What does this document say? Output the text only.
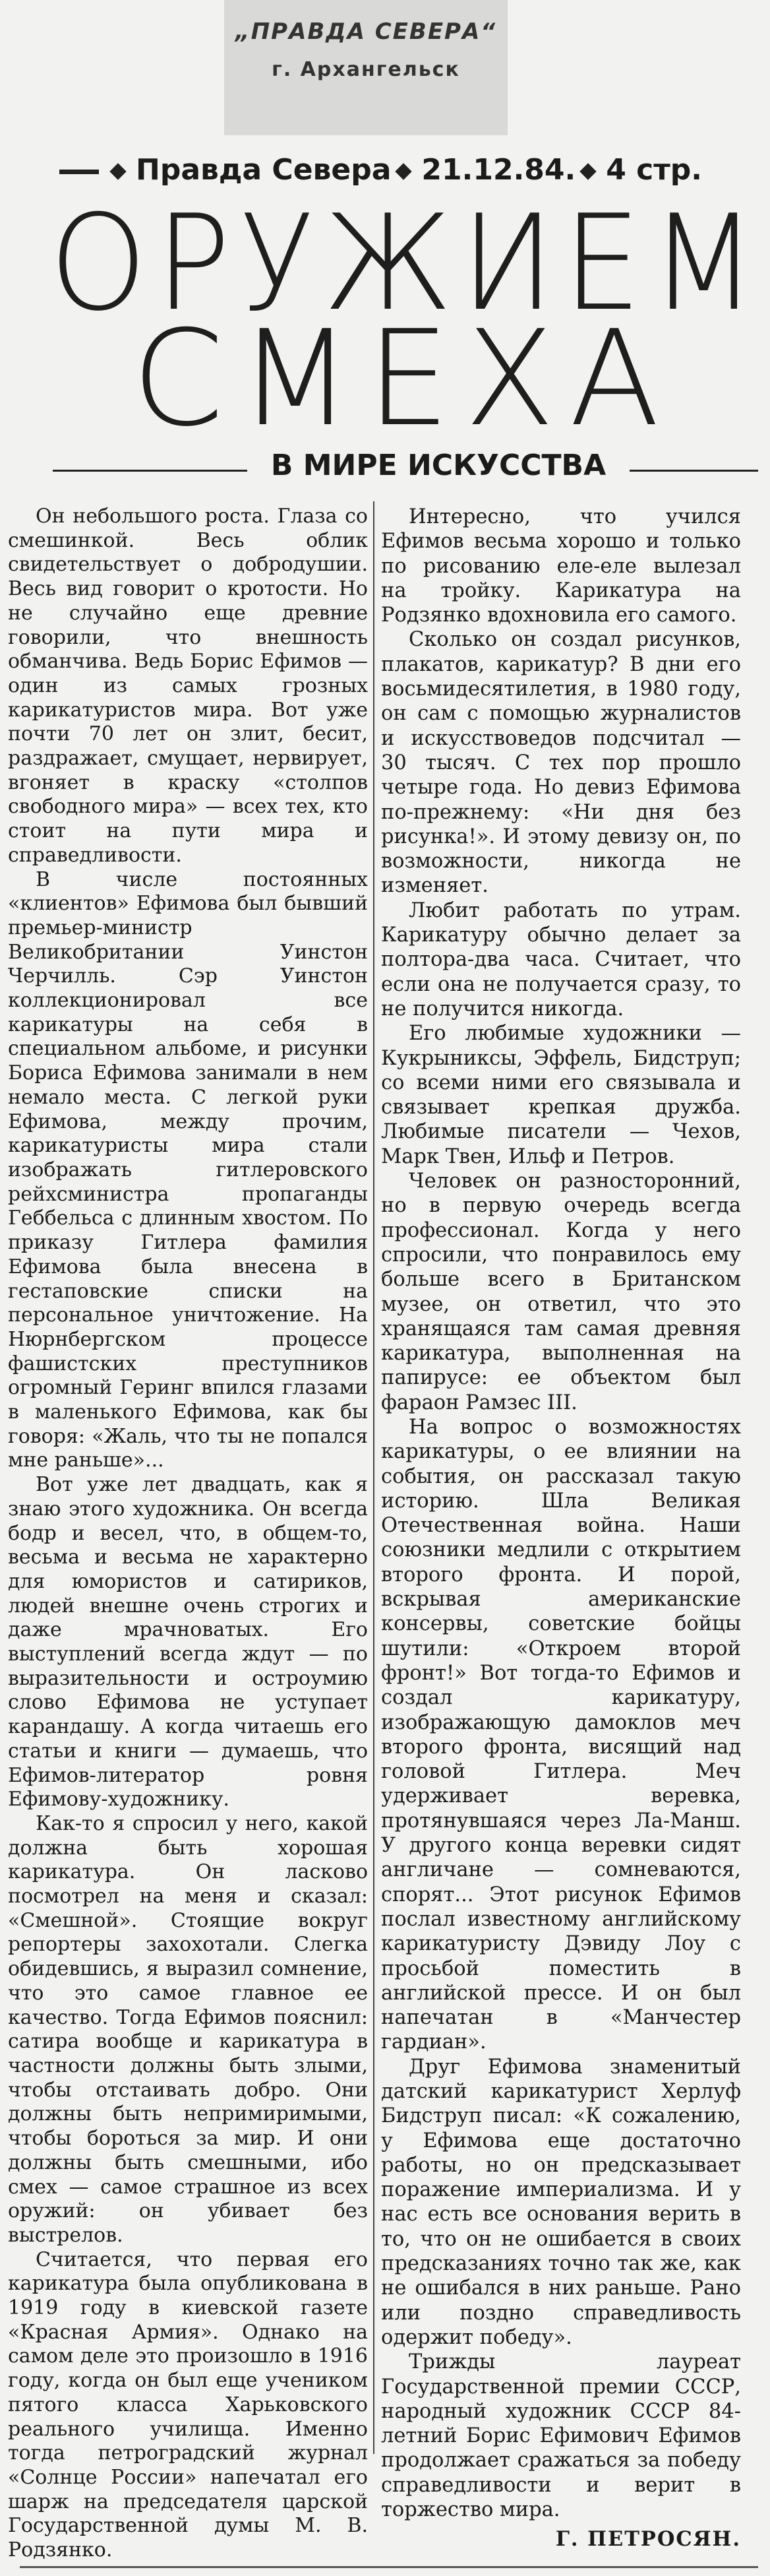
„ПРАВДА СЕВЕРА“
г. Архангельск
Правда Севера 21.12.84. 4 стр.
ОРУЖИЕМ
СМЕХА
В МИРЕ ИСКУССТВА

Он небольшого роста. Глаза со смешинкой. Весь облик свидетельствует о добродушии. Весь вид говорит о кротости. Но не случайно еще древние говорили, что внешность обманчива. Ведь Борис Ефимов — один из самых грозных карикатуристов мира. Вот уже почти 70 лет он злит, бесит, раздражает, смущает, нервирует, вгоняет в краску «столпов свободного мира» — всех тех, кто стоит на пути мира и справедливости.

В числе постоянных «клиентов» Ефимова был бывший премьер-министр Великобритании Уинстон Черчилль. Сэр Уинстон коллекционировал все карикатуры на себя в специальном альбоме, и рисунки Бориса Ефимова занимали в нем немало места. С легкой руки Ефимова, между прочим, карикатуристы мира стали изображать гитлеровского рейхсминистра пропаганды Геббельса с длинным хвостом. По приказу Гитлера фамилия Ефимова была внесена в гестаповские списки на персональное уничтожение. На Нюрнбергском процессе фашистских преступников огромный Геринг впился глазами в маленького Ефимова, как бы говоря: «Жаль, что ты не попался мне раньше»...

Вот уже лет двадцать, как я знаю этого художника. Он всегда бодр и весел, что, в общем-то, весьма и весьма не характерно для юмористов и сатириков, людей внешне очень строгих и даже мрачноватых. Его выступлений всегда ждут — по выразительности и остроумию слово Ефимова не уступает карандашу. А когда читаешь его статьи и книги — думаешь, что Ефимов-литератор ровня Ефимову-художнику.

Как-то я спросил у него, какой должна быть хорошая карикатура. Он ласково посмотрел на меня и сказал: «Смешной». Стоящие вокруг репортеры захохотали. Слегка обидевшись, я выразил сомнение, что это самое главное ее качество. Тогда Ефимов пояснил: сатира вообще и карикатура в частности должны быть злыми, чтобы отстаивать добро. Они должны быть непримиримыми, чтобы бороться за мир. И они должны быть смешными, ибо смех — самое страшное из всех оружий: он убивает без выстрелов.

Считается, что первая его карикатура была опубликована в 1919 году в киевской газете «Красная Армия». Однако на самом деле это произошло в 1916 году, когда он был еще учеником пятого класса Харьковского реального училища. Именно тогда петроградский журнал «Солнце России» напечатал его шарж на председателя царской Государственной думы М. В. Родзянко.

Интересно, что учился Ефимов весьма хорошо и только по рисованию еле-еле вылезал на тройку. Карикатура на Родзянко вдохновила его самого.

Сколько он создал рисунков, плакатов, карикатур? В дни его восьмидесятилетия, в 1980 году, он сам с помощью журналистов и искусствоведов подсчитал — 30 тысяч. С тех пор прошло четыре года. Но девиз Ефимова по-прежнему: «Ни дня без рисунка!». И этому девизу он, по возможности, никогда не изменяет.

Любит работать по утрам. Карикатуру обычно делает за полтора-два часа. Считает, что если она не получается сразу, то не получится никогда.

Его любимые художники — Кукрыниксы, Эффель, Бидструп; со всеми ними его связывала и связывает крепкая дружба. Любимые писатели — Чехов, Марк Твен, Ильф и Петров.

Человек он разносторонний, но в первую очередь всегда профессионал. Когда у него спросили, что понравилось ему больше всего в Британском музее, он ответил, что это хранящаяся там самая древняя карикатура, выполненная на папирусе: ее объектом был фараон Рамзес III.

На вопрос о возможностях карикатуры, о ее влиянии на события, он рассказал такую историю. Шла Великая Отечественная война. Наши союзники медлили с открытием второго фронта. И порой, вскрывая американские консервы, советские бойцы шутили: «Откроем второй фронт!» Вот тогда-то Ефимов и создал карикатуру, изображающую дамоклов меч второго фронта, висящий над головой Гитлера. Меч удерживает веревка, протянувшаяся через Ла-Манш. У другого конца веревки сидят англичане — сомневаются, спорят... Этот рисунок Ефимов послал известному английскому карикатуристу Дэвиду Лоу с просьбой поместить в английской прессе. И он был напечатан в «Манчестер гардиан».

Друг Ефимова знаменитый датский карикатурист Херлуф Бидструп писал: «К сожалению, у Ефимова еще достаточно работы, но он предсказывает поражение империализма. И у нас есть все основания верить в то, что он не ошибается в своих предсказаниях точно так же, как не ошибался в них раньше. Рано или поздно справедливость одержит победу».

Трижды лауреат Государственной премии СССР, народный художник СССР 84-летний Борис Ефимович Ефимов продолжает сражаться за победу справедливости и верит в торжество мира.

Г. ПЕТРОСЯН.
